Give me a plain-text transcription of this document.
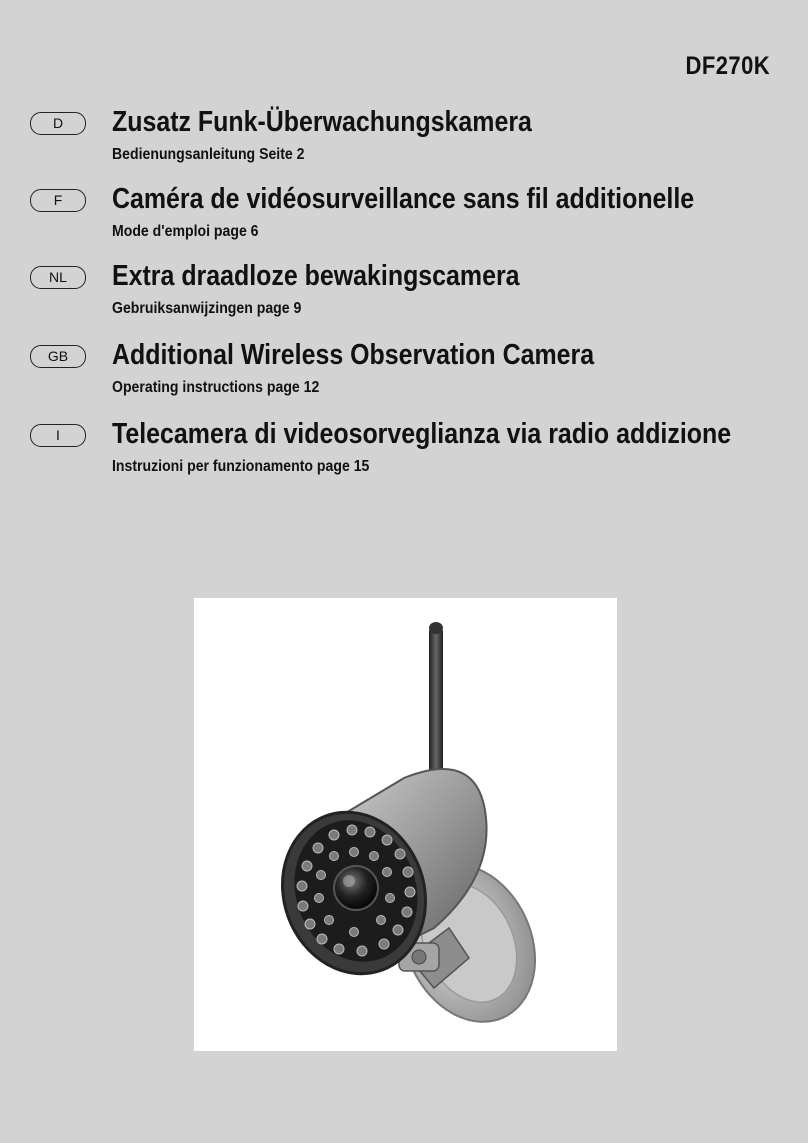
DF270K
D	Zusatz Funk-Überwachungskamera

Bedienungsanleitung Seite 2

F	Caméra de vidéosurveillance sans fil additionelle

Mode d'emploi page 6

NL	Extra draadloze bewakingscamera

Gebruiksanwijzingen page 9

GB	Additional Wireless Observation Camera

Operating instructions page 12

I	Telecamera di videosorveglianza via radio addizione

Instruzioni per funzionamento page 15
